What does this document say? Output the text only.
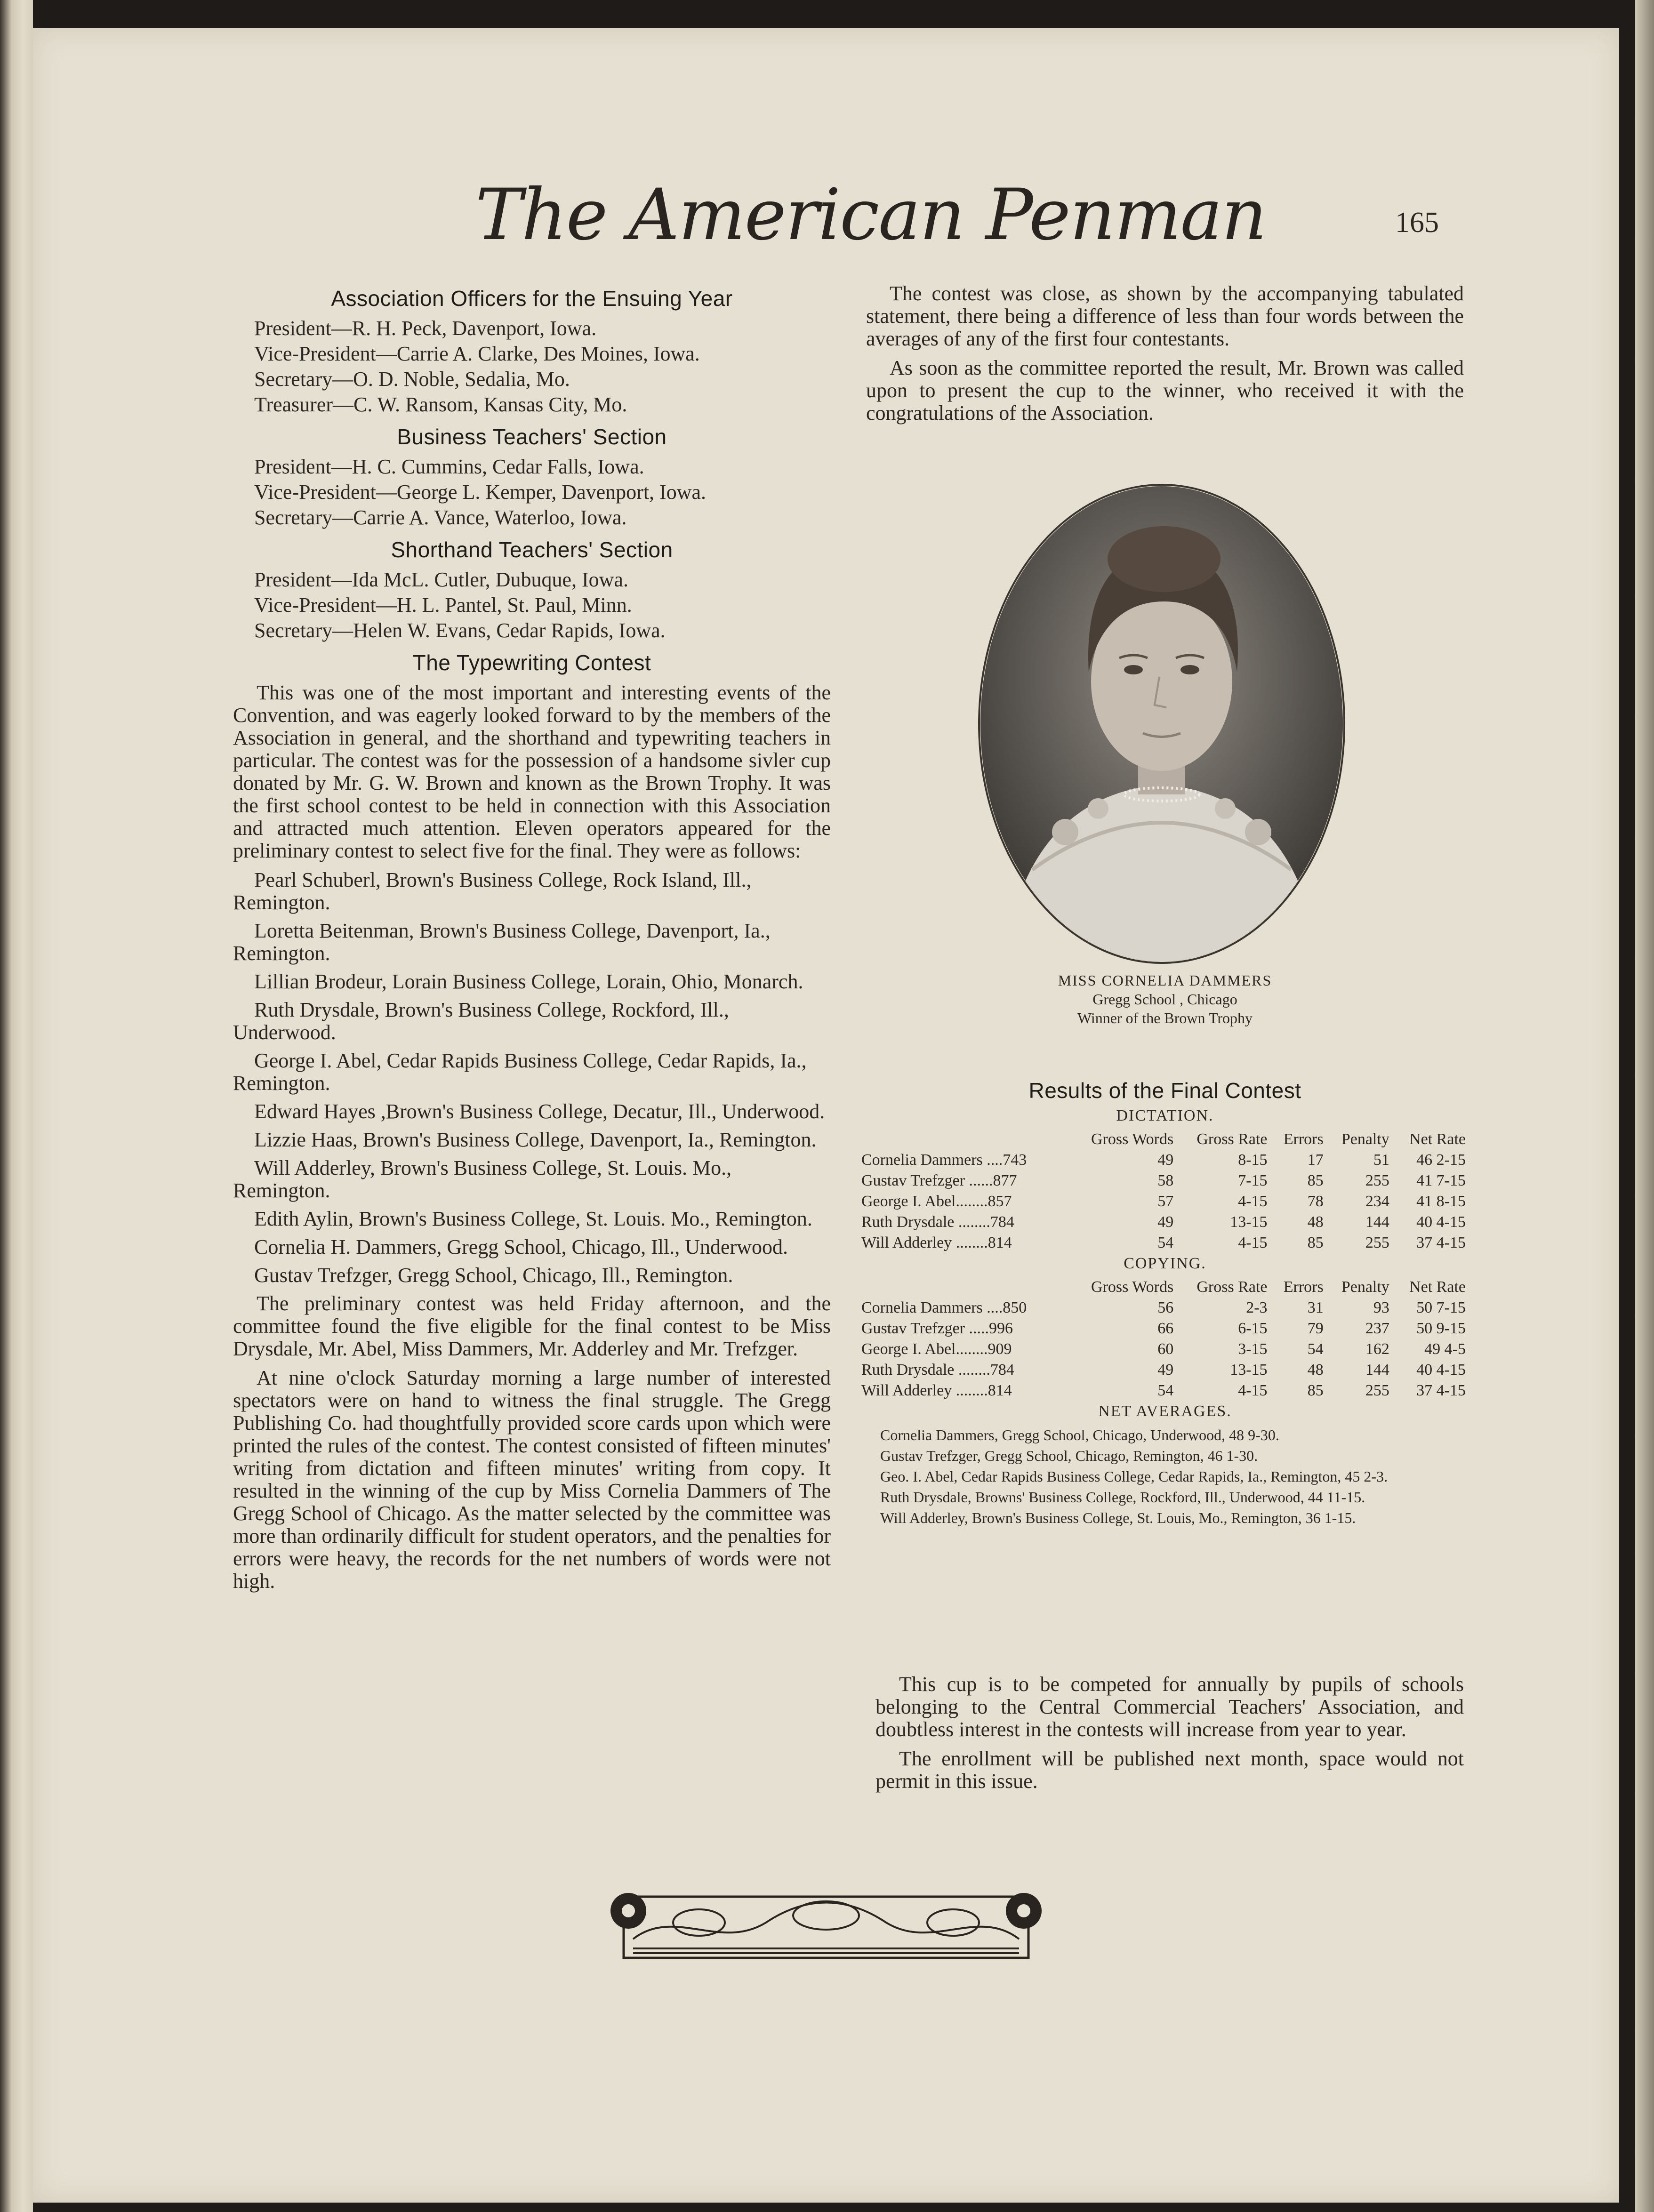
The American Penman	165
Association Officers for the Ensuing Year
President—R. H. Peck, Davenport, Iowa.
Vice-President—Carrie A. Clarke, Des Moines, Iowa.
Secretary—O. D. Noble, Sedalia, Mo.
Treasurer—C. W. Ransom, Kansas City, Mo.
Business Teachers' Section
President—H. C. Cummins, Cedar Falls, Iowa.
Vice-President—George L. Kemper, Davenport, Iowa.
Secretary—Carrie A. Vance, Waterloo, Iowa.
Shorthand Teachers' Section
President—Ida McL. Cutler, Dubuque, Iowa.
Vice-President—H. L. Pantel, St. Paul, Minn.
Secretary—Helen W. Evans, Cedar Rapids, Iowa.
The Typewriting Contest

This was one of the most important and interesting events of the Convention, and was eagerly looked forward to by the members of the Association in general, and the shorthand and typewriting teachers in particular. The contest was for the possession of a handsome sivler cup donated by Mr. G. W. Brown and known as the Brown Trophy. It was the first school contest to be held in connection with this Association and attracted much attention. Eleven operators appeared for the preliminary contest to select five for the final. They were as follows:

Pearl Schuberl, Brown's Business College, Rock Island, Ill., Remington.
Loretta Beitenman, Brown's Business College, Davenport, Ia., Remington.
Lillian Brodeur, Lorain Business College, Lorain, Ohio, Monarch.
Ruth Drysdale, Brown's Business College, Rockford, Ill., Underwood.
George I. Abel, Cedar Rapids Business College, Cedar Rapids, Ia., Remington.
Edward Hayes ,Brown's Business College, Decatur, Ill., Underwood.
Lizzie Haas, Brown's Business College, Davenport, Ia., Remington.
Will Adderley, Brown's Business College, St. Louis. Mo., Remington.
Edith Aylin, Brown's Business College, St. Louis. Mo., Remington.
Cornelia H. Dammers, Gregg School, Chicago, Ill., Underwood.
Gustav Trefzger, Gregg School, Chicago, Ill., Remington.

The preliminary contest was held Friday afternoon, and the committee found the five eligible for the final contest to be Miss Drysdale, Mr. Abel, Miss Dammers, Mr. Adderley and Mr. Trefzger.

At nine o'clock Saturday morning a large number of interested spectators were on hand to witness the final struggle. The Gregg Publishing Co. had thoughtfully provided score cards upon which were printed the rules of the contest. The contest consisted of fifteen minutes' writing from dictation and fifteen minutes' writing from copy. It resulted in the winning of the cup by Miss Cornelia Dammers of The Gregg School of Chicago. As the matter selected by the committee was more than ordinarily difficult for student operators, and the penalties for errors were heavy, the records for the net numbers of words were not high.

The contest was close, as shown by the accompanying tabulated statement, there being a difference of less than four words between the averages of any of the first four contestants.

As soon as the committee reported the result, Mr. Brown was called upon to present the cup to the winner, who received it with the congratulations of the Association.

MISS CORNELIA DAMMERS
Gregg School , Chicago
Winner of the Brown Trophy
Results of the Final Contest
DICTATION.
	Gross Words	Gross Rate	Errors	Penalty	Net Rate
Cornelia Dammers ....743	49	8-15	17	51	46 2-15
Gustav Trefzger ......877	58	7-15	85	255	41 7-15
George I. Abel........857	57	4-15	78	234	41 8-15
Ruth Drysdale ........784	49	13-15	48	144	40 4-15
Will Adderley ........814	54	4-15	85	255	37 4-15
COPYING.
	Gross Words	Gross Rate	Errors	Penalty	Net Rate
Cornelia Dammers ....850	56	2-3	31	93	50 7-15
Gustav Trefzger .....996	66	6-15	79	237	50 9-15
George I. Abel........909	60	3-15	54	162	49 4-5
Ruth Drysdale ........784	49	13-15	48	144	40 4-15
Will Adderley ........814	54	4-15	85	255	37 4-15
NET AVERAGES.

Cornelia Dammers, Gregg School, Chicago, Underwood, 48 9-30.

Gustav Trefzger, Gregg School, Chicago, Remington, 46 1-30.

Geo. I. Abel, Cedar Rapids Business College, Cedar Rapids, Ia., Remington, 45 2-3.

Ruth Drysdale, Browns' Business College, Rockford, Ill., Underwood, 44 11-15.

Will Adderley, Brown's Business College, St. Louis, Mo., Remington, 36 1-15.

This cup is to be competed for annually by pupils of schools belonging to the Central Commercial Teachers' Association, and doubtless interest in the contests will increase from year to year.

The enrollment will be published next month, space would not permit in this issue.
